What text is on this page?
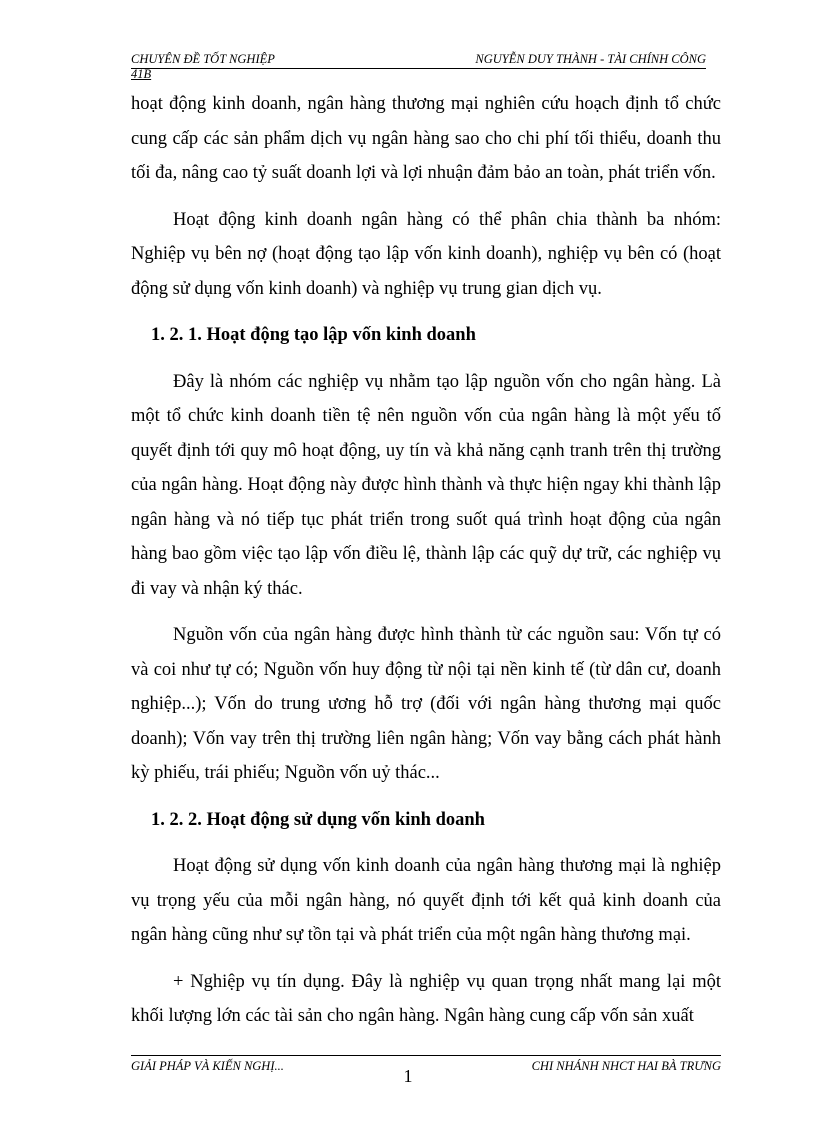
CHUYÊN ĐỀ TỐT NGHIỆP	NGUYỄN DUY THÀNH - TÀI CHÍNH CÔNG
41B

hoạt động kinh doanh, ngân hàng thương mại nghiên cứu hoạch định tổ chức cung cấp các sản phẩm dịch vụ ngân hàng sao cho chi phí tối thiểu, doanh thu tối đa, nâng cao tỷ suất doanh lợi và lợi nhuận đảm bảo an toàn, phát triển vốn.

Hoạt động kinh doanh ngân hàng có thể phân chia thành ba nhóm: Nghiệp vụ bên nợ (hoạt động tạo lập vốn kinh doanh), nghiệp vụ bên có (hoạt động sử dụng vốn kinh doanh) và nghiệp vụ trung gian dịch vụ.

1. 2. 1. Hoạt động tạo lập vốn kinh doanh

Đây là nhóm các nghiệp vụ nhằm tạo lập nguồn vốn cho ngân hàng. Là một tổ chức kinh doanh tiền tệ nên nguồn vốn của ngân hàng là một yếu tố quyết định tới quy mô hoạt động, uy tín và khả năng cạnh tranh trên thị trường của ngân hàng. Hoạt động này được hình thành và thực hiện ngay khi thành lập ngân hàng và nó tiếp tục phát triển trong suốt quá trình hoạt động của ngân hàng bao gồm việc tạo lập vốn điều lệ, thành lập các quỹ dự trữ, các nghiệp vụ đi vay và nhận ký thác.

Nguồn vốn của ngân hàng được hình thành từ các nguồn sau: Vốn tự có và coi như tự có; Nguồn vốn huy động từ nội tại nền kinh tế (từ dân cư, doanh nghiệp...); Vốn do trung ương hỗ trợ (đối với ngân hàng thương mại quốc doanh); Vốn vay trên thị trường liên ngân hàng; Vốn vay bằng cách phát hành kỳ phiếu, trái phiếu; Nguồn vốn uỷ thác...

1. 2. 2. Hoạt động sử dụng vốn kinh doanh

Hoạt động sử dụng vốn kinh doanh của ngân hàng thương mại là nghiệp vụ trọng yếu của mỗi ngân hàng, nó quyết định tới kết quả kinh doanh của ngân hàng cũng như sự tồn tại và phát triển của một ngân hàng thương mại.

+ Nghiệp vụ tín dụng. Đây là nghiệp vụ quan trọng nhất mang lại một khối lượng lớn các tài sản cho ngân hàng. Ngân hàng cung cấp vốn sản xuất

GIẢI PHÁP VÀ KIẾN NGHỊ...	CHI NHÁNH NHCT HAI BÀ TRƯNG
1
